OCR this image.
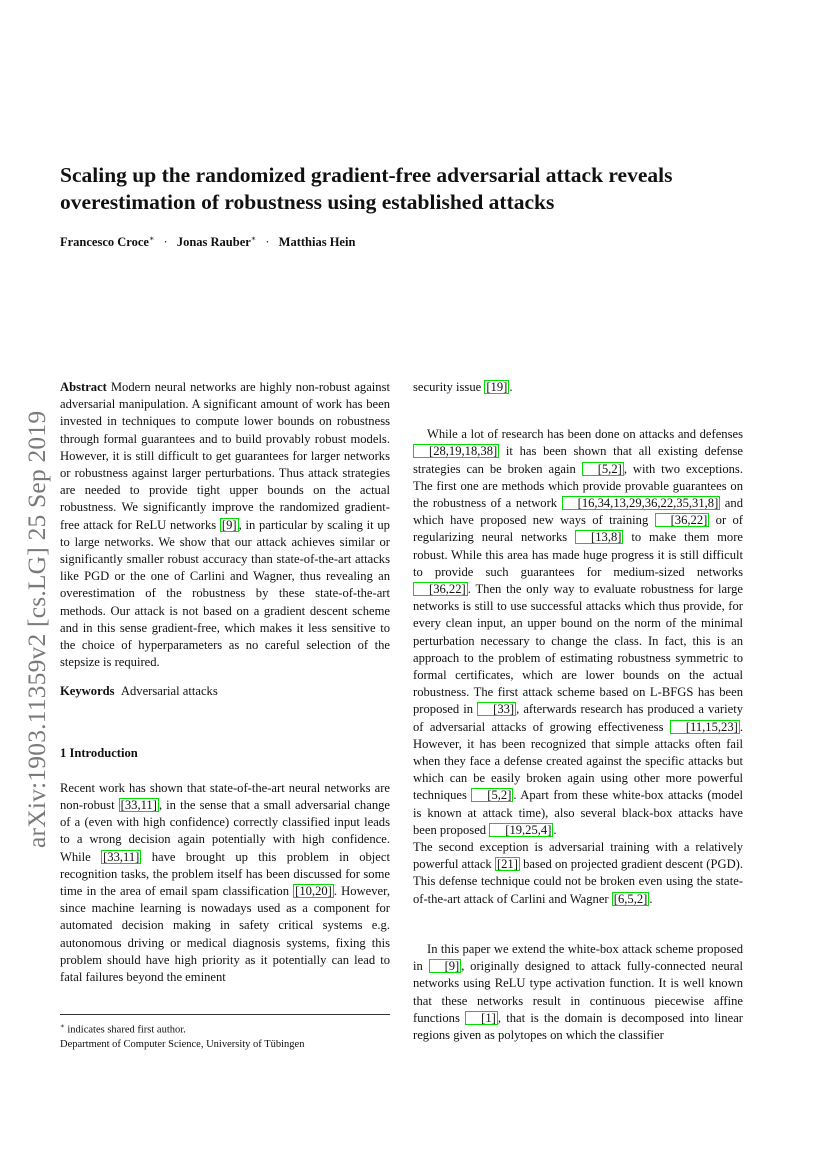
arXiv:1903.11359v2 [cs.LG] 25 Sep 2019
Scaling up the randomized gradient-free adversarial attack reveals
overestimation of robustness using established attacks
Francesco Croce∗ · Jonas Rauber∗ · Matthias Hein

Abstract Modern neural networks are highly non-robust against adversarial manipulation. A significant amount of work has been invested in techniques to compute lower bounds on robustness through formal guarantees and to build provably robust models. However, it is still difficult to get guarantees for larger networks or robustness against larger perturbations. Thus attack strategies are needed to provide tight upper bounds on the actual robustness. We significantly improve the randomized gradient-free attack for ReLU networks [9] , in particular by scaling it up to large networks. We show that our attack achieves similar or significantly smaller robust accuracy than state-of-the-art attacks like PGD or the one of Carlini and Wagner, thus revealing an overestimation of the robustness by these state-of-the-art methods. Our attack is not based on a gradient descent scheme and in this sense gradient-free, which makes it less sensitive to the choice of hyperparameters as no careful selection of the stepsize is required.

Keywords Adversarial attacks

1 Introduction

Recent work has shown that state-of-the-art neural networks are non-robust [33,11] , in the sense that a small adversarial change of a (even with high confidence) correctly classified input leads to a wrong decision again potentially with high confidence. While [33,11] have brought up this problem in object recognition tasks, the problem itself has been discussed for some time in the area of email spam classification [10,20] . However, since machine learning is nowadays used as a component for automated decision making in safety critical systems e.g. autonomous driving or medical diagnosis systems, fixing this problem should have high priority as it potentially can lead to fatal failures beyond the eminent

security issue [19] .

While a lot of research has been done on attacks and defenses [28,19,18,38] it has been shown that all existing defense strategies can be broken again [5,2] , with two exceptions. The first one are methods which provide provable guarantees on the robustness of a network [16,34,13,29,36,22,35,31,8] and which have proposed new ways of training [36,22] or of regularizing neural networks [13,8] to make them more robust. While this area has made huge progress it is still difficult to provide such guarantees for medium-sized networks [36,22] . Then the only way to evaluate robustness for large networks is still to use successful attacks which thus provide, for every clean input, an upper bound on the norm of the minimal perturbation necessary to change the class. In fact, this is an approach to the problem of estimating robustness symmetric to formal certificates, which are lower bounds on the actual robustness. The first attack scheme based on L-BFGS has been proposed in [33] , afterwards research has produced a variety of adversarial attacks of growing effectiveness [11,15,23] . However, it has been recognized that simple attacks often fail when they face a defense created against the specific attacks but which can be easily broken again using other more powerful techniques [5,2] . Apart from these white-box attacks (model is known at attack time), also several black-box attacks have been proposed [19,25,4] .

The second exception is adversarial training with a relatively powerful attack [21] based on projected gradient descent (PGD). This defense technique could not be broken even using the state-of-the-art attack of Carlini and Wagner [6,5,2] .

In this paper we extend the white-box attack scheme proposed in [9] , originally designed to attack fully-connected neural networks using ReLU type activation function. It is well known that these networks result in continuous piecewise affine functions [1] , that is the domain is decomposed into linear regions given as polytopes on which the classifier

∗ indicates shared first author.

Department of Computer Science, University of Tübingen
